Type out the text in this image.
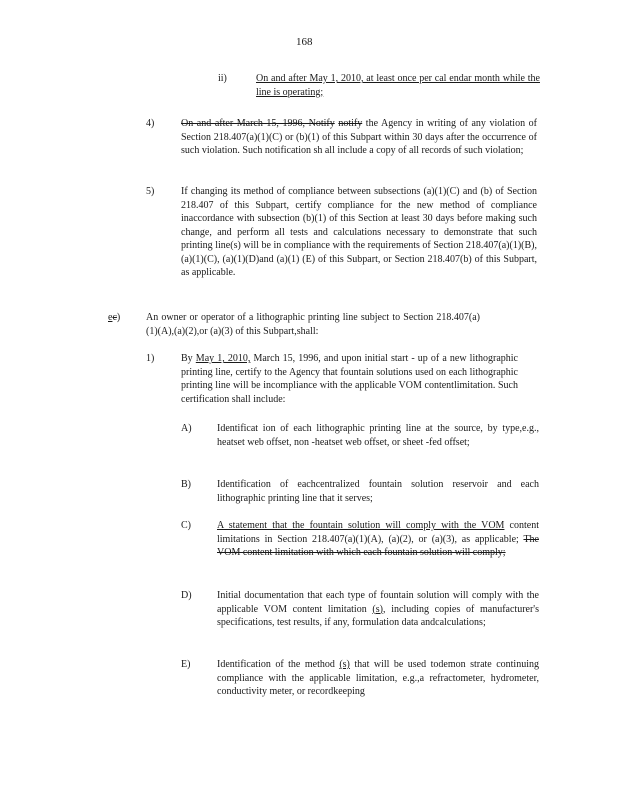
168
ii)	On and after May 1, 2010, at least once per cal endar month while the line is operating;
4)	On and after March 15, 1996, Notify notify the Agency in writing of any violation of Section 218.407(a)(1)(C) or (b)(1) of this Subpart within 30 days after the occurrence of such violation. Such notification sh all include a copy of all records of such violation;
5)	If changing its method of compliance between subsections (a)(1)(C) and (b) of Section 218.407 of this Subpart, certify compliance for the new method of compliance inaccordance with subsection (b)(1) of this Section at least 30 days before making such change, and perform all tests and calculations necessary to demonstrate that such printing line(s) will be in compliance with the requirements of Section 218.407(a)(1)(B), (a)(1)(C), (a)(1)(D)and (a)(1) (E) of this Subpart, or Section 218.407(b) of this Subpart, as applicable.
ec)	An owner or operator of a lithographic printing line subject to Section 218.407(a)(1)(A),(a)(2),or (a)(3) of this Subpart,shall:
1)	By May 1, 2010, March 15, 1996, and upon initial start - up of a new lithographic printing line, certify to the Agency that fountain solutions used on each lithographic printing line will be incompliance with the applicable VOM contentlimitation. Such certification shall include:
A)	Identificat ion of each lithographic printing line at the source, by type,e.g., heatset web offset, non -heatset web offset, or sheet -fed offset;
B)	Identification of eachcentralized fountain solution reservoir and each lithographic printing line that it serves;
C)	A statement that the fountain solution will comply with the VOM content limitations in Section 218.407(a)(1)(A), (a)(2), or (a)(3), as applicable; The VOM content limitation with which each fountain solution will comply;
D)	Initial documentation that each type of fountain solution will comply with the applicable VOM content limitation (s), including copies of manufacturer's specifications, test results, if any, formulation data andcalculations;
E)	Identification of the method (s) that will be used todemon strate continuing compliance with the applicable limitation, e.g.,a refractometer, hydrometer, conductivity meter, or recordkeeping
